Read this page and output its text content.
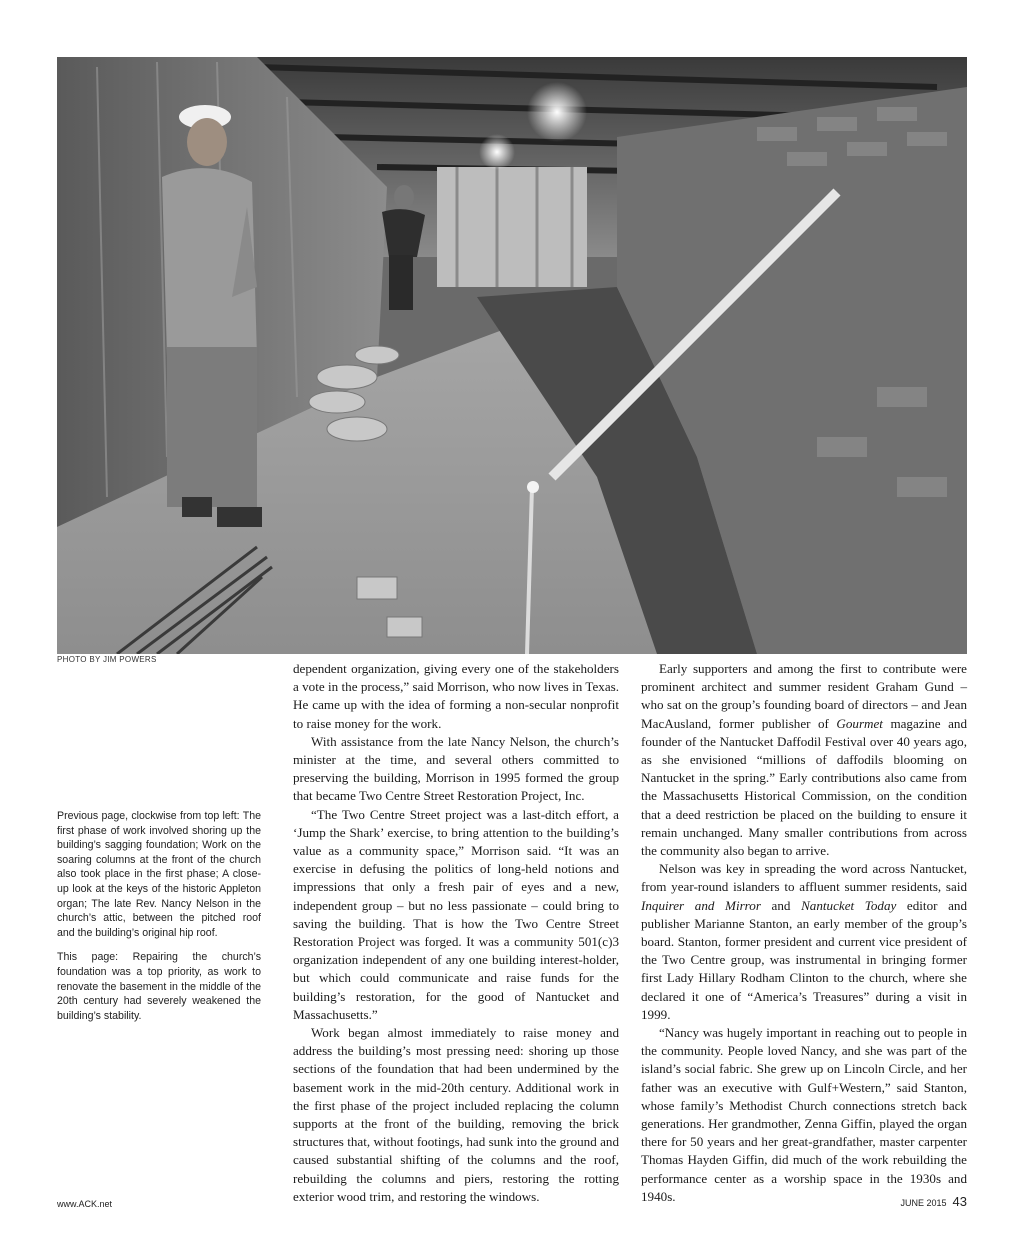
PHOTO BY JIM POWERS

Previous page, clockwise from top left: The first phase of work involved shoring up the building’s sagging foundation; Work on the soaring columns at the front of the church also took place in the first phase; A close-up look at the keys of the historic Appleton organ; The late Rev. Nancy Nelson in the church’s attic, between the pitched roof and the building’s original hip roof.

This page: Repairing the church’s foundation was a top priority, as work to renovate the basement in the middle of the 20th century had severely weakened the building’s stability.

dependent organization, giving every one of the stakeholders a vote in the process,” said Morrison, who now lives in Texas. He came up with the idea of forming a non-secular nonprofit to raise money for the work.

With assistance from the late Nancy Nelson, the church’s minister at the time, and several others committed to preserving the building, Morrison in 1995 formed the group that became Two Centre Street Restoration Project, Inc.

“The Two Centre Street project was a last-ditch effort, a ‘Jump the Shark’ exercise, to bring attention to the building’s value as a community space,” Morrison said. “It was an exercise in defusing the politics of long-held notions and impressions that only a fresh pair of eyes and a new, independent group – but no less passionate – could bring to saving the building. That is how the Two Centre Street Restoration Project was forged. It was a community 501(c)3 organization independent of any one building interest-holder, but which could communicate and raise funds for the building’s restoration, for the good of Nantucket and Massachusetts.”

Work began almost immediately to raise money and address the building’s most pressing need: shoring up those sections of the foundation that had been undermined by the basement work in the mid-20th century. Additional work in the first phase of the project included replacing the column supports at the front of the building, removing the brick structures that, without footings, had sunk into the ground and caused substantial shifting of the columns and the roof, rebuilding the columns and piers, restoring the rotting exterior wood trim, and restoring the windows.

Early supporters and among the first to contribute were prominent architect and summer resident Graham Gund – who sat on the group’s founding board of directors – and Jean MacAusland, former publisher of Gourmet magazine and founder of the Nantucket Daffodil Festival over 40 years ago, as she envisioned “millions of daffodils blooming on Nantucket in the spring.” Early contributions also came from the Massachusetts Historical Commission, on the condition that a deed restriction be placed on the building to ensure it remain unchanged. Many smaller contributions from across the community also began to arrive.

Nelson was key in spreading the word across Nantucket, from year-round islanders to affluent summer residents, said Inquirer and Mirror and Nantucket Today editor and publisher Marianne Stanton, an early member of the group’s board. Stanton, former president and current vice president of the Two Centre group, was instrumental in bringing former first Lady Hillary Rodham Clinton to the church, where she declared it one of “America’s Treasures” during a visit in 1999.

“Nancy was hugely important in reaching out to people in the community. People loved Nancy, and she was part of the island’s social fabric. She grew up on Lincoln Circle, and her father was an executive with Gulf+Western,” said Stanton, whose family’s Methodist Church connections stretch back generations. Her grandmother, Zenna Giffin, played the organ there for 50 years and her great-grandfather, master carpenter Thomas Hayden Giffin, did much of the work rebuilding the performance center as a worship space in the 1930s and 1940s.

www.ACK.net	JUNE 2015 43
